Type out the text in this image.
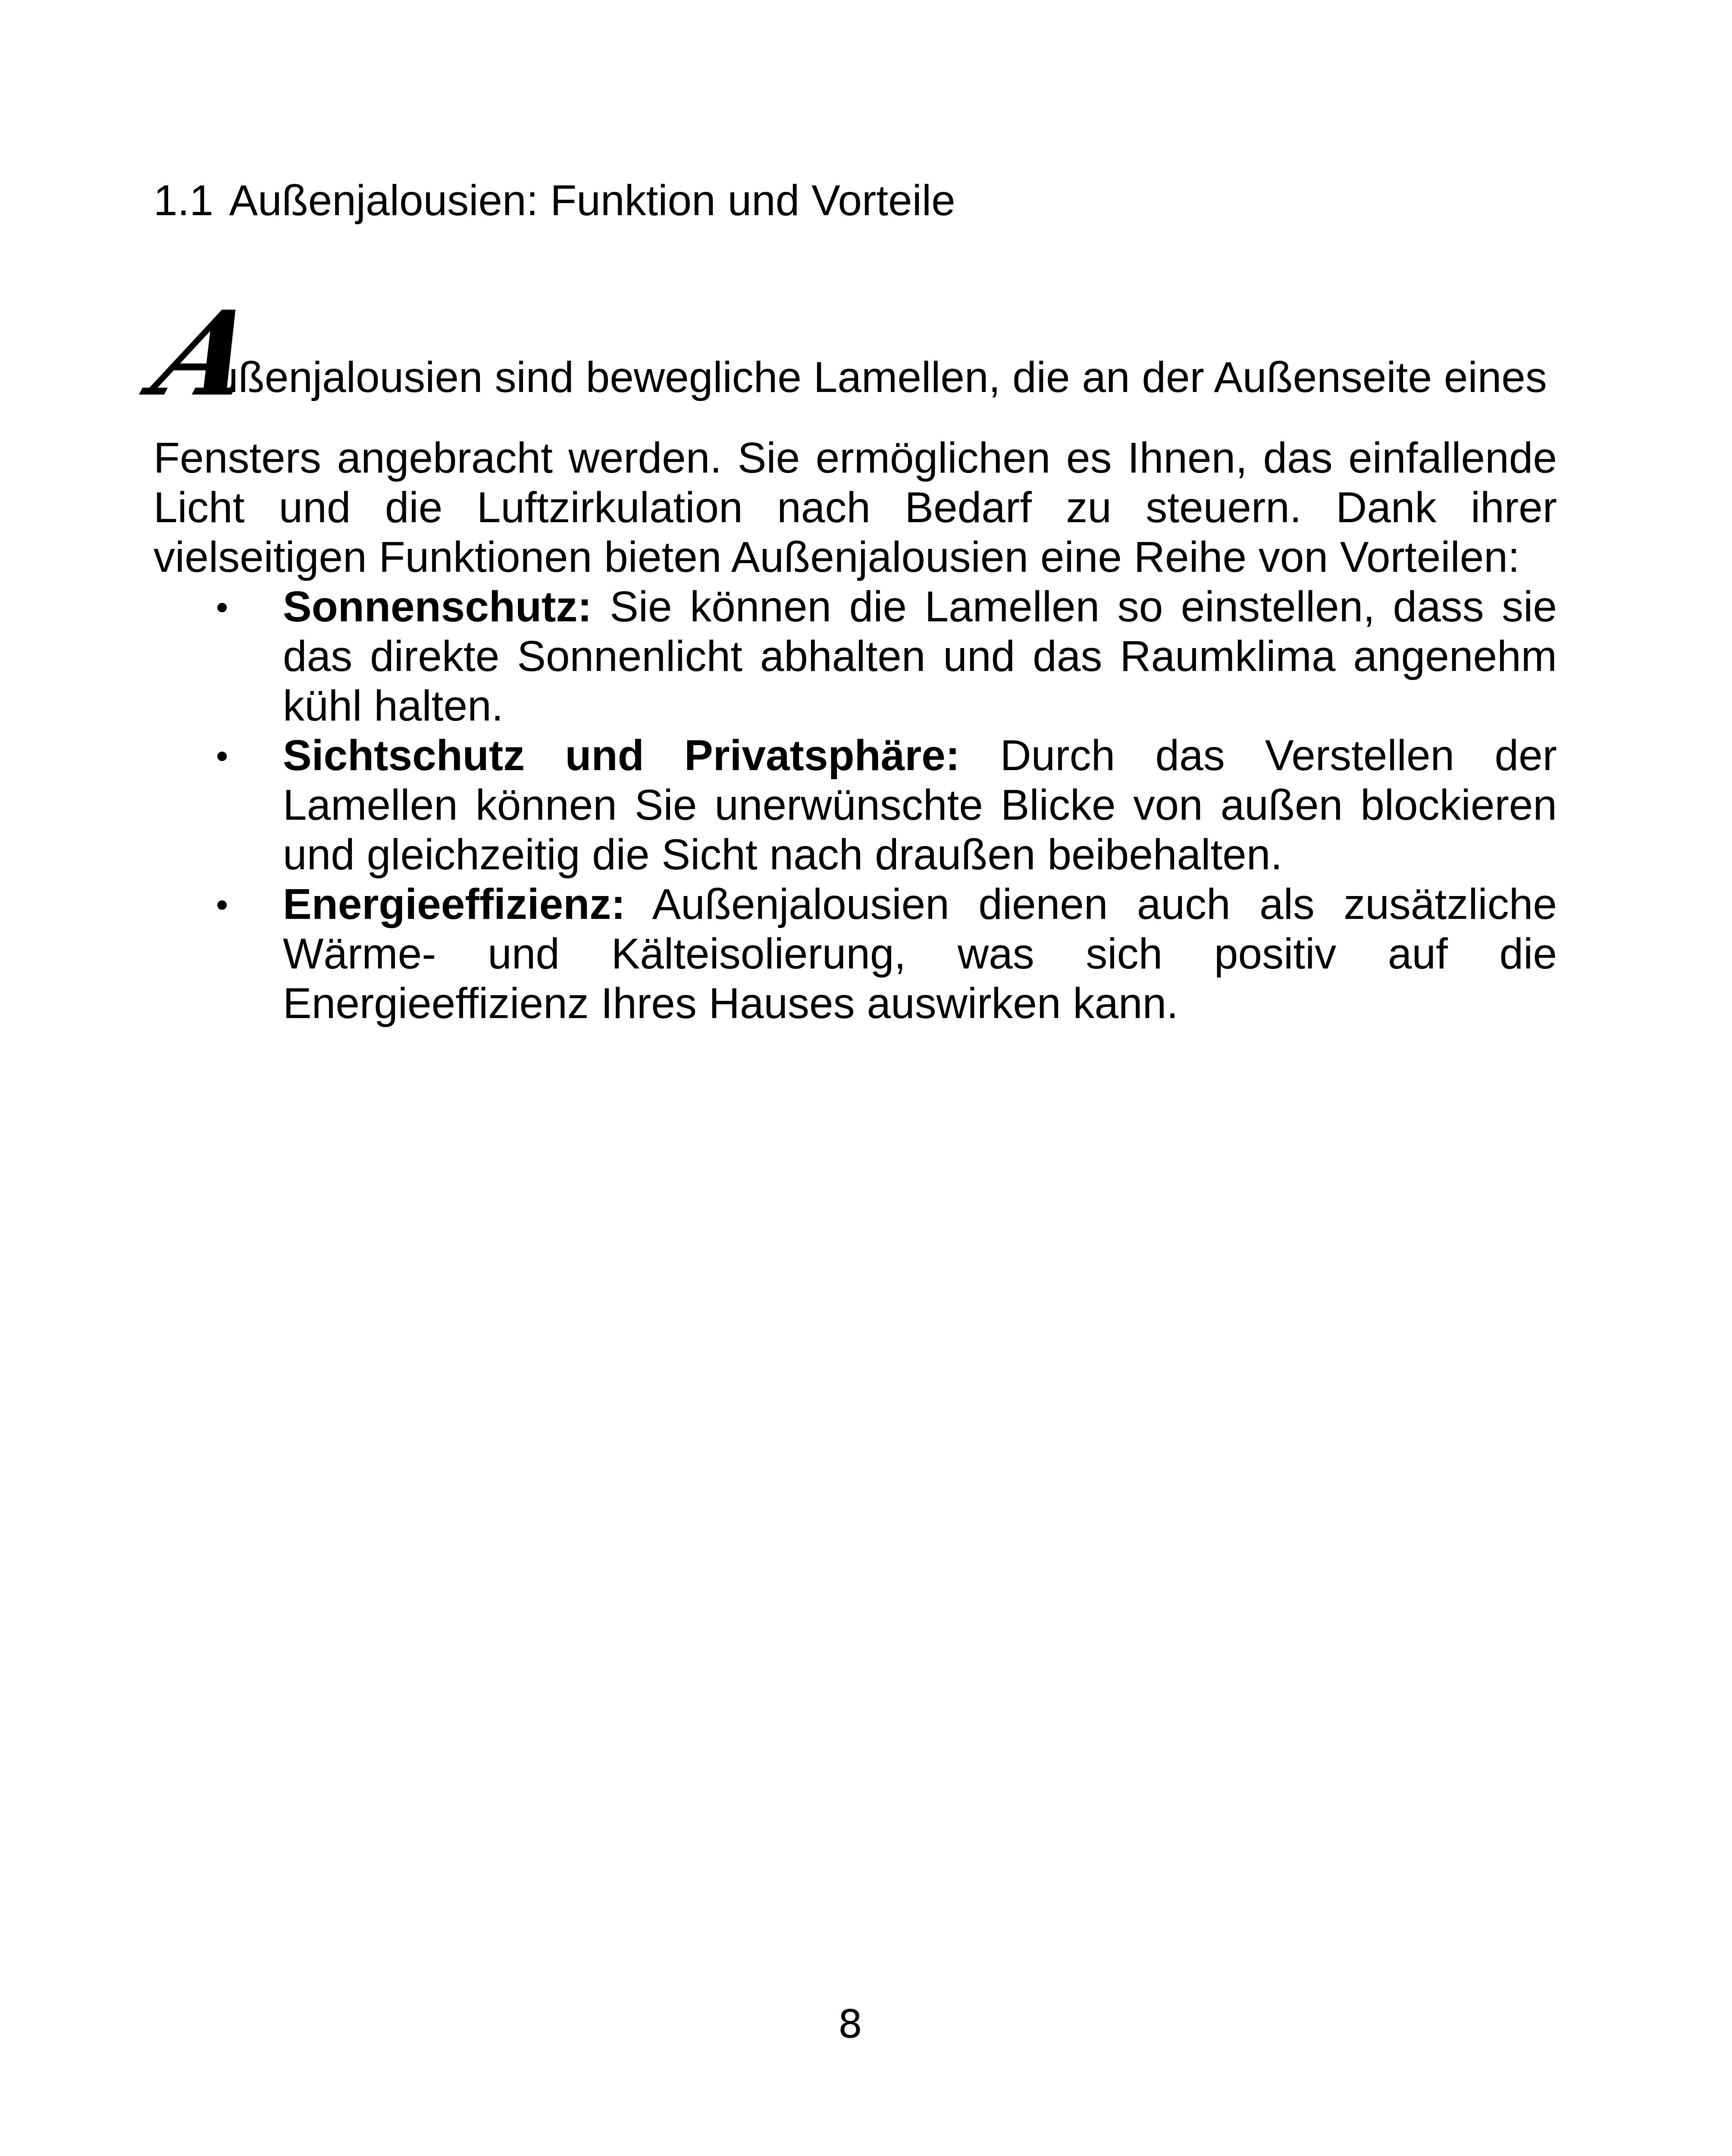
1.1 Außenjalousien: Funktion und Vorteile
A
ußenjalousien sind bewegliche Lamellen, die an der Außenseite eines

Fensters angebracht werden. Sie ermöglichen es Ihnen, das einfallende Licht und die Luftzirkulation nach Bedarf zu steuern. Dank ihrer vielseitigen Funktionen bieten Außenjalousien eine Reihe von Vorteilen:

Sonnenschutz: Sie können die Lamellen so einstellen, dass sie das direkte Sonnenlicht abhalten und das Raumklima angenehm kühl halten.
Sichtschutz und Privatsphäre: Durch das Verstellen der Lamellen können Sie unerwünschte Blicke von außen blockieren und gleichzeitig die Sicht nach draußen beibehalten.
Energieeffizienz: Außenjalousien dienen auch als zusätzliche Wärme- und Kälteisolierung, was sich positiv auf die Energieeffizienz Ihres Hauses auswirken kann.
8
